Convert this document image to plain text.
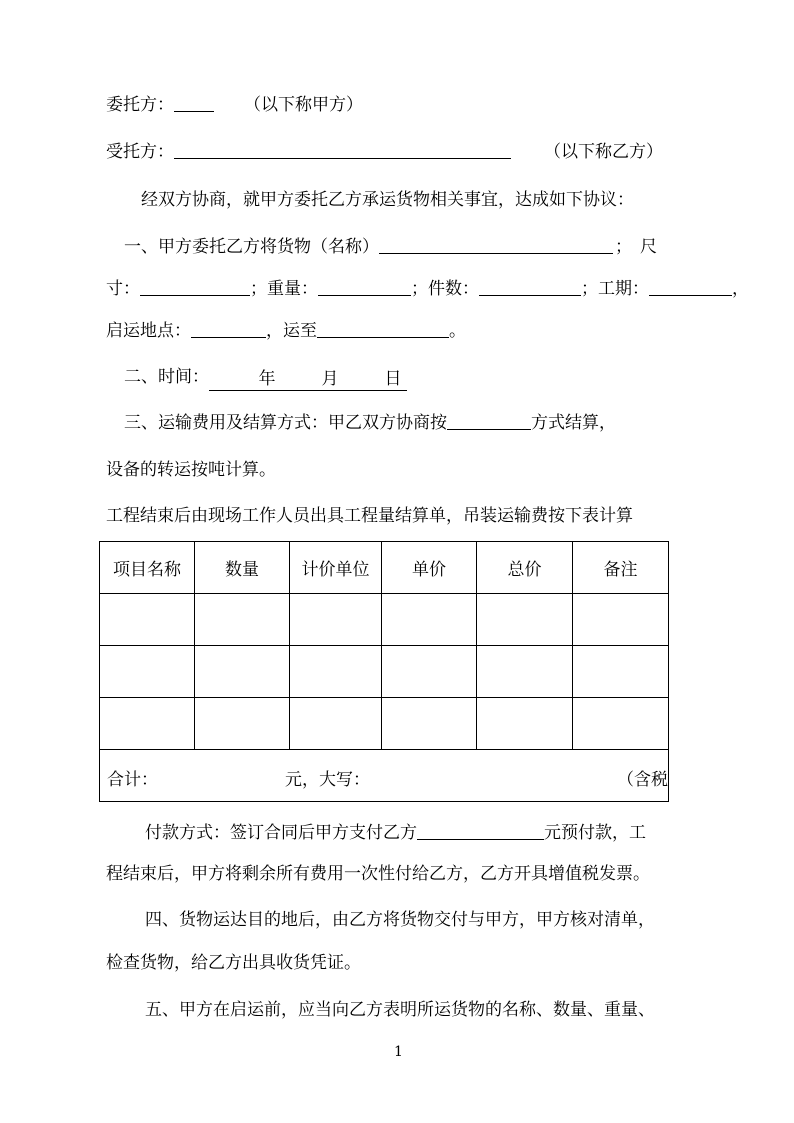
委托方：	（以下称甲方）
受托方：	（以下称乙方）
经双方协商，就甲方委托乙方承运货物相关事宜，达成如下协议：
一、甲方委托乙方将货物（名称）	；尺
寸：	；重量：	；件数：	；工期：	，
启运地点：	，运至	。
二、时间：	年	月	日
三、运输费用及结算方式：甲乙双方协商按	方式结算，
设备的转运按吨计算。
工程结束后由现场工作人员出具工程量结算单，吊装运输费按下表计算
项目名称	数量	计价单位	单价	总价	备注

合计： 元，大写： （含税					
付款方式：签订合同后甲方支付乙方	元预付款，工
程结束后，甲方将剩余所有费用一次性付给乙方，乙方开具增值税发票。
四、货物运达目的地后，由乙方将货物交付与甲方，甲方核对清单，
检查货物，给乙方出具收货凭证。
五、甲方在启运前，应当向乙方表明所运货物的名称、数量、重量、
1
